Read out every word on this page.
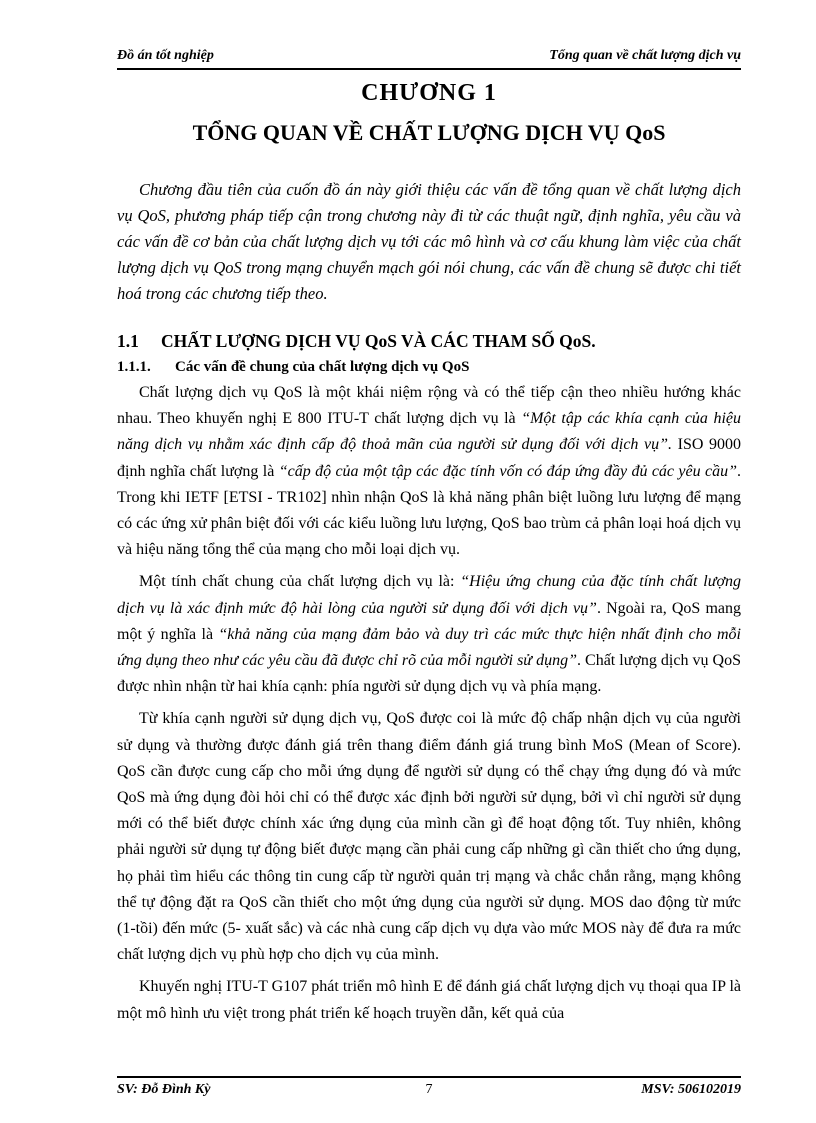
Đồ án tốt nghiệp	Tổng quan về chất lượng dịch vụ
CHƯƠNG 1
TỔNG QUAN VỀ CHẤT LƯỢNG DỊCH VỤ QoS
Chương đầu tiên của cuốn đồ án này giới thiệu các vấn đề tổng quan về chất lượng dịch vụ QoS, phương pháp tiếp cận trong chương này đi từ các thuật ngữ, định nghĩa, yêu cầu và các vấn đề cơ bản của chất lượng dịch vụ tới các mô hình và cơ cấu khung làm việc của chất lượng dịch vụ QoS trong mạng chuyển mạch gói nói chung, các vấn đề chung sẽ được chi tiết hoá trong các chương tiếp theo.
1.1 CHẤT LƯỢNG DỊCH VỤ QoS VÀ CÁC THAM SỐ QoS.
1.1.1. Các vấn đề chung của chất lượng dịch vụ QoS

Chất lượng dịch vụ QoS là một khái niệm rộng và có thể tiếp cận theo nhiều hướng khác nhau. Theo khuyến nghị E 800 ITU-T chất lượng dịch vụ là “Một tập các khía cạnh của hiệu năng dịch vụ nhằm xác định cấp độ thoả mãn của người sử dụng đối với dịch vụ”. ISO 9000 định nghĩa chất lượng là “cấp độ của một tập các đặc tính vốn có đáp ứng đầy đủ các yêu cầu”. Trong khi IETF [ETSI - TR102] nhìn nhận QoS là khả năng phân biệt luồng lưu lượng để mạng có các ứng xử phân biệt đối với các kiểu luồng lưu lượng, QoS bao trùm cả phân loại hoá dịch vụ và hiệu năng tổng thể của mạng cho mỗi loại dịch vụ.

Một tính chất chung của chất lượng dịch vụ là: “Hiệu ứng chung của đặc tính chất lượng dịch vụ là xác định mức độ hài lòng của người sử dụng đối với dịch vụ”. Ngoài ra, QoS mang một ý nghĩa là “khả năng của mạng đảm bảo và duy trì các mức thực hiện nhất định cho mỗi ứng dụng theo như các yêu cầu đã được chỉ rõ của mỗi người sử dụng”. Chất lượng dịch vụ QoS được nhìn nhận từ hai khía cạnh: phía người sử dụng dịch vụ và phía mạng.

Từ khía cạnh người sử dụng dịch vụ, QoS được coi là mức độ chấp nhận dịch vụ của người sử dụng và thường được đánh giá trên thang điểm đánh giá trung bình MoS (Mean of Score). QoS cần được cung cấp cho mỗi ứng dụng để người sử dụng có thể chạy ứng dụng đó và mức QoS mà ứng dụng đòi hỏi chỉ có thể được xác định bởi người sử dụng, bởi vì chỉ người sử dụng mới có thể biết được chính xác ứng dụng của mình cần gì để hoạt động tốt. Tuy nhiên, không phải người sử dụng tự động biết được mạng cần phải cung cấp những gì cần thiết cho ứng dụng, họ phải tìm hiểu các thông tin cung cấp từ người quản trị mạng và chắc chắn rằng, mạng không thể tự động đặt ra QoS cần thiết cho một ứng dụng của người sử dụng. MOS dao động từ mức (1-tồi) đến mức (5- xuất sắc) và các nhà cung cấp dịch vụ dựa vào mức MOS này để đưa ra mức chất lượng dịch vụ phù hợp cho dịch vụ của mình.

Khuyến nghị ITU-T G107 phát triển mô hình E để đánh giá chất lượng dịch vụ thoại qua IP là một mô hình ưu việt trong phát triển kế hoạch truyền dẫn, kết quả của

SV: Đỗ Đình Kỳ	7	MSV: 506102019
